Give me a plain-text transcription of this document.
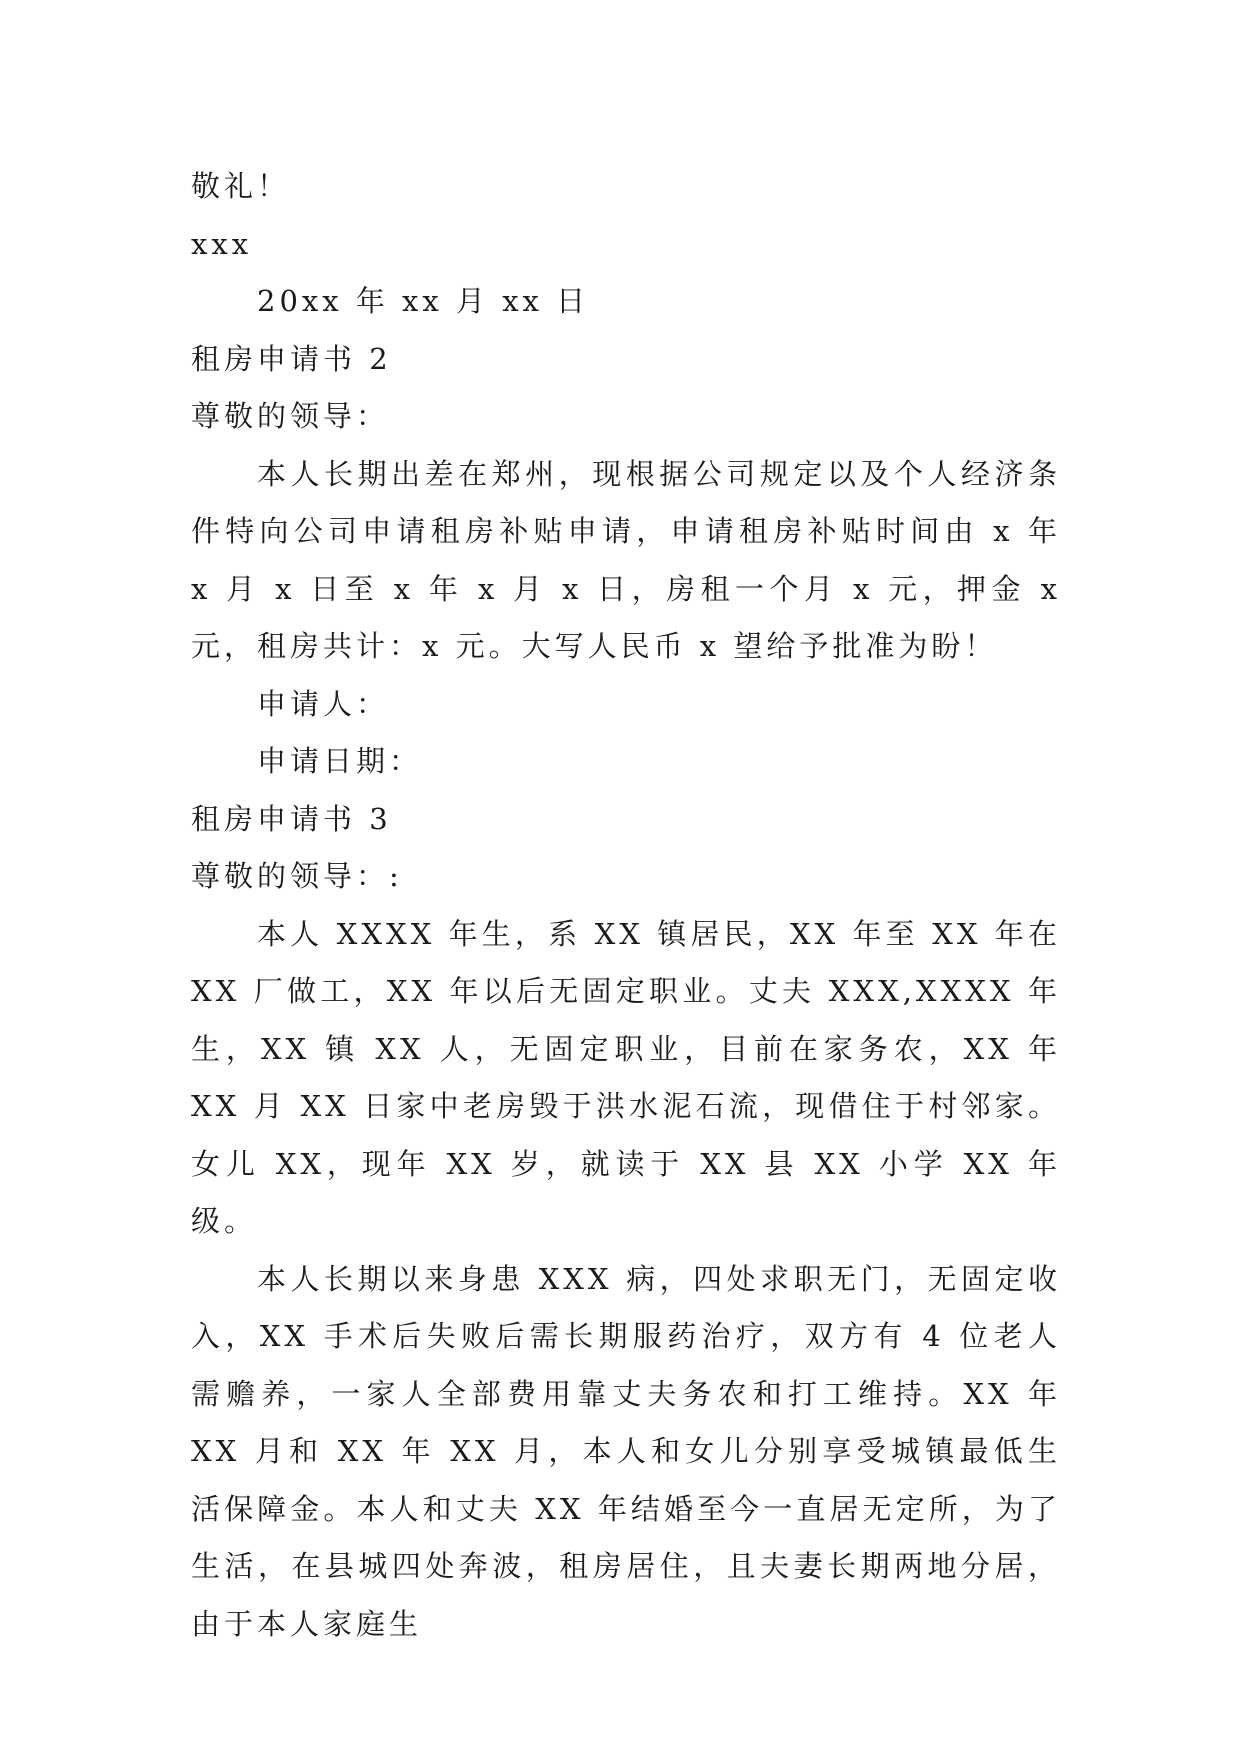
敬礼！
xxx
20xx 年 xx 月 xx 日
租房申请书 2
尊敬的领导：

本人长期出差在郑州，现根据公司规定以及个人经济条件特向公司申请租房补贴申请，申请租房补贴时间由 x 年 x 月 x 日至 x 年 x 月 x 日，房租一个月 x 元，押金 x 元，租房共计：x 元。大写人民币 x 望给予批准为盼！

申请人：
申请日期：
租房申请书 3
尊敬的领导：:

本人 XXXX 年生，系 XX 镇居民，XX 年至 XX 年在 XX 厂做工，XX 年以后无固定职业。丈夫 XXX,XXXX 年生，XX 镇 XX 人，无固定职业，目前在家务农，XX 年 XX 月 XX 日家中老房毁于洪水泥石流，现借住于村邻家。女儿 XX，现年 XX 岁，就读于 XX 县 XX 小学 XX 年级。

本人长期以来身患 XXX 病，四处求职无门，无固定收入，XX 手术后失败后需长期服药治疗，双方有 4 位老人需赡养，一家人全部费用靠丈夫务农和打工维持。XX 年 XX 月和 XX 年 XX 月，本人和女儿分别享受城镇最低生活保障金。本人和丈夫 XX 年结婚至今一直居无定所，为了生活，在县城四处奔波，租房居住，且夫妻长期两地分居，由于本人家庭生
